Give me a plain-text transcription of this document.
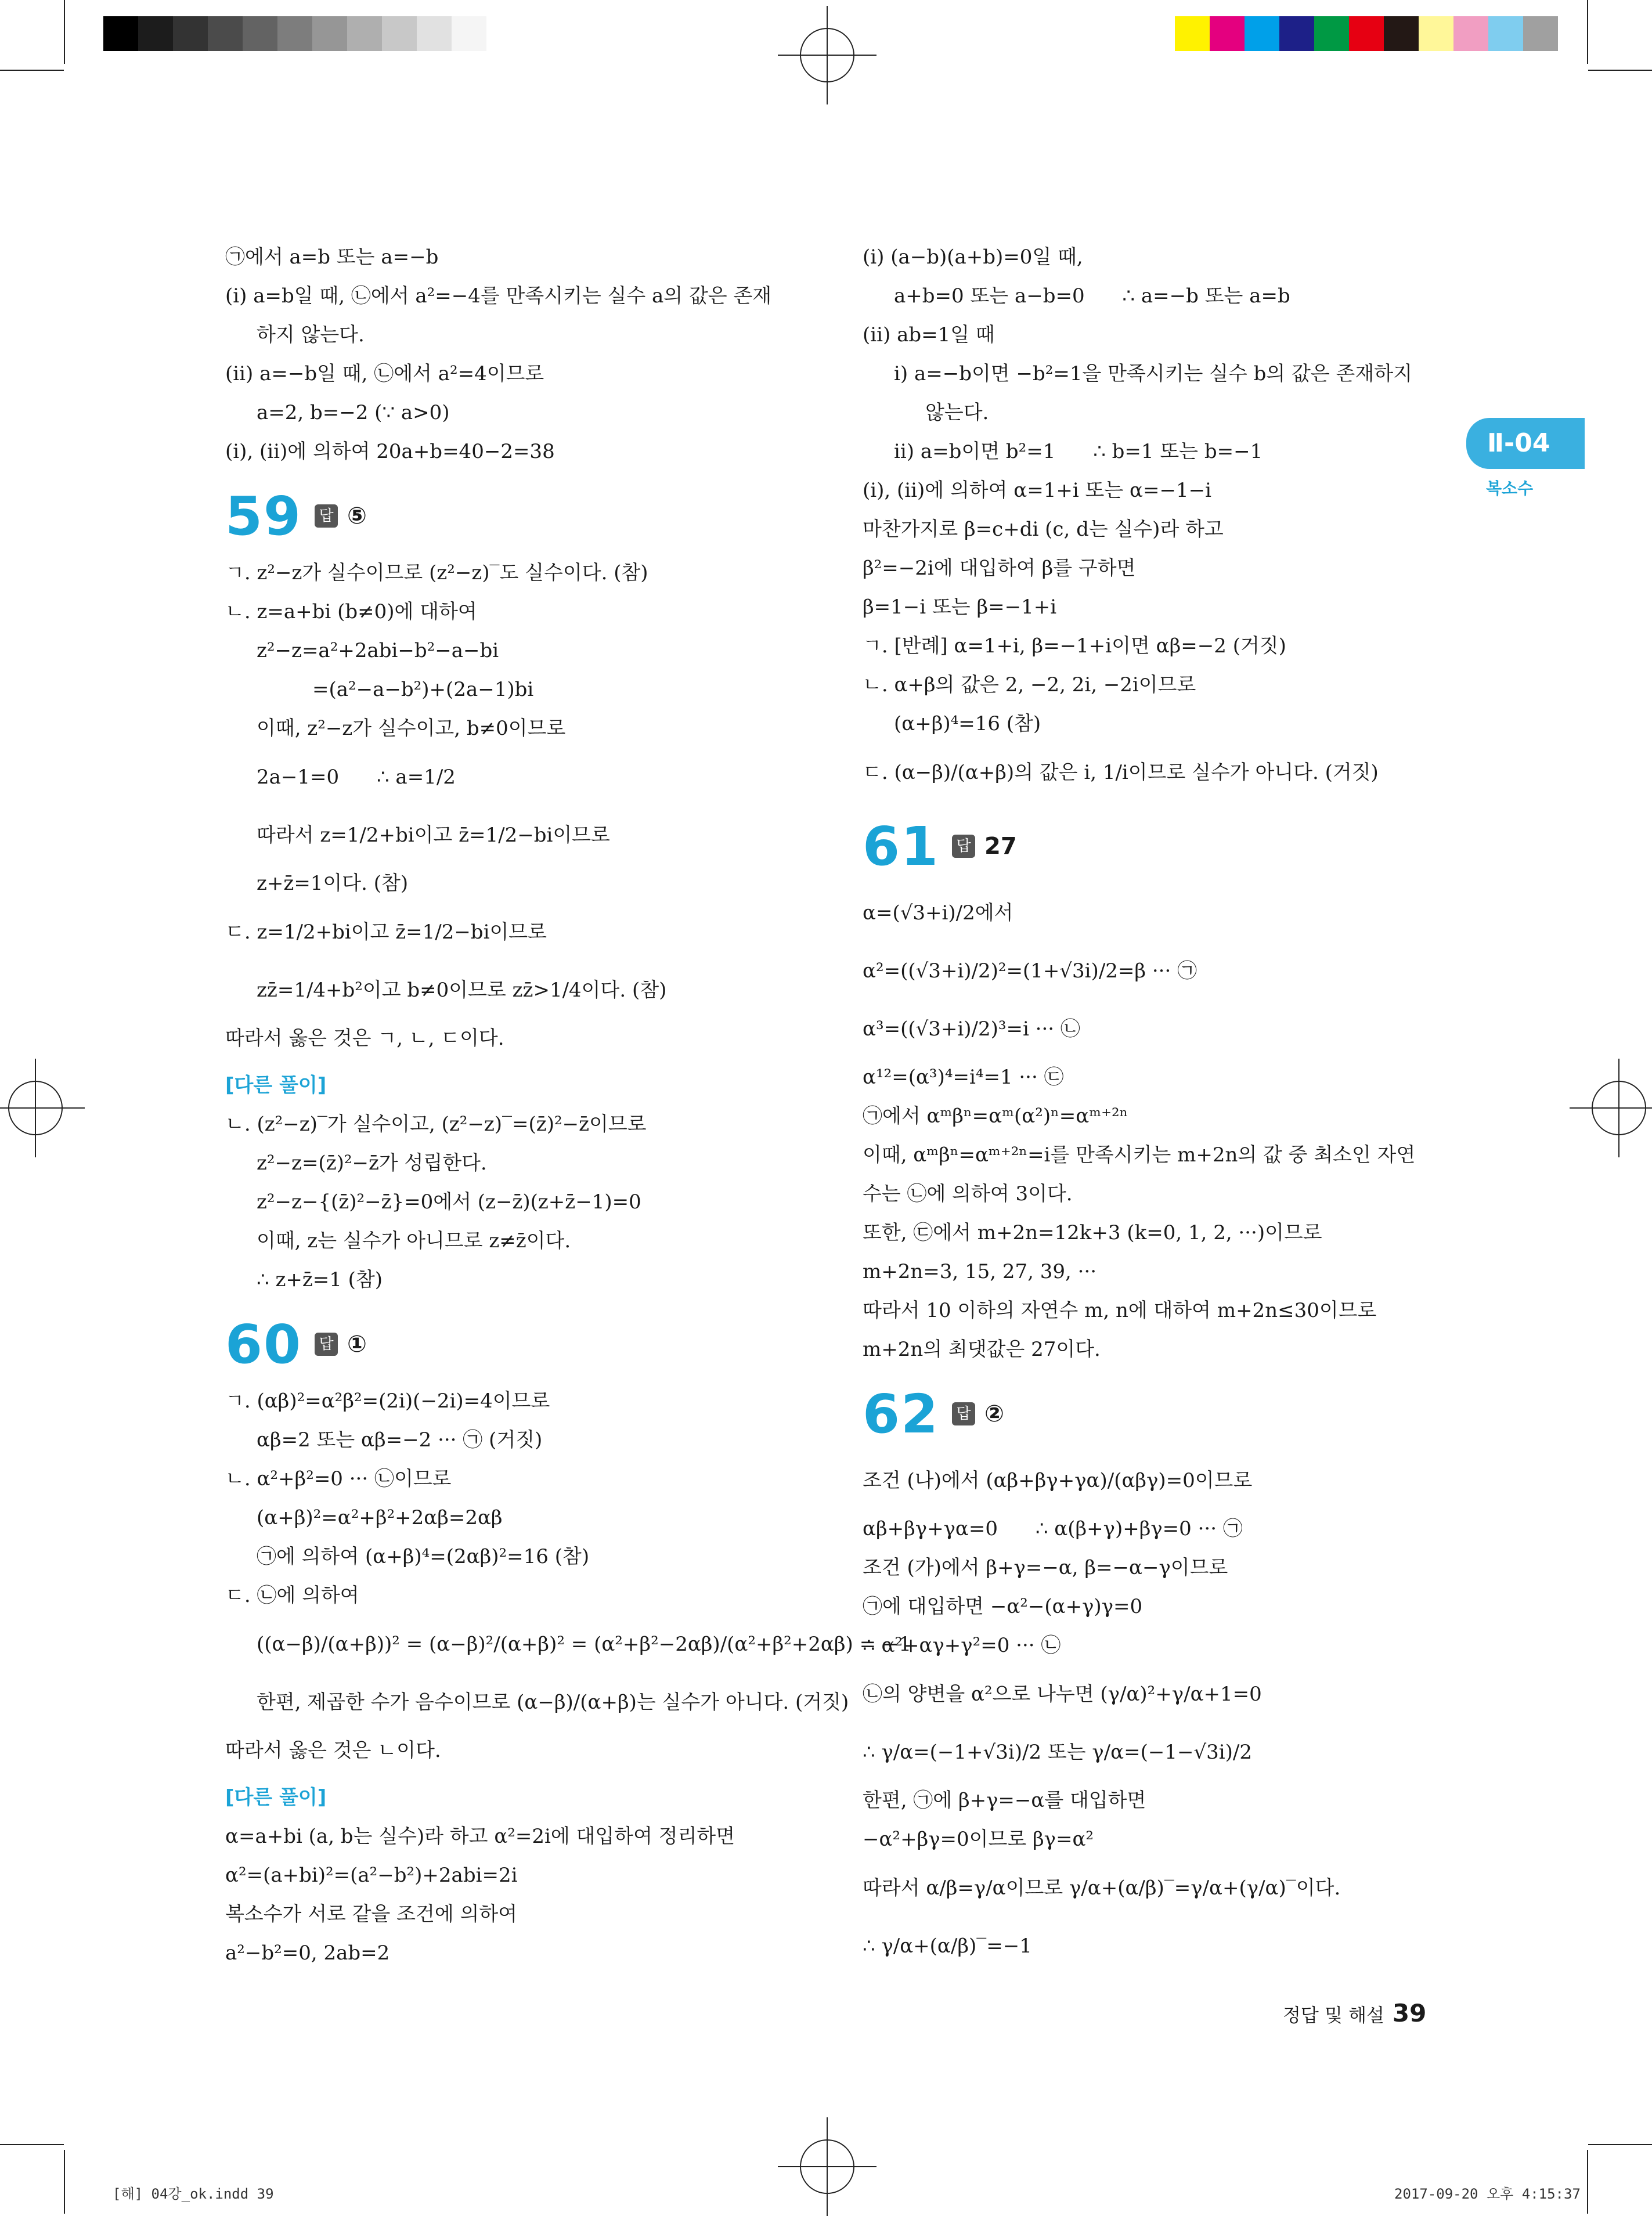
Ⅱ-04
복소수
㉠에서 a=b 또는 a=−b
(ⅰ) a=b일 때, ㉡에서 a²=−4를 만족시키는 실수 a의 값은 존재
하지 않는다.
(ⅱ) a=−b일 때, ㉡에서 a²=4이므로
a=2, b=−2 (∵ a>0)
(ⅰ), (ⅱ)에 의하여 20a+b=40−2=38
59 답 ⑤
ㄱ. z²−z가 실수이므로 (z²−z)‾도 실수이다. (참)
ㄴ. z=a+bi (b≠0)에 대하여
z²−z=a²+2abi−b²−a−bi
=(a²−a−b²)+(2a−1)bi
이때, z²−z가 실수이고, b≠0이므로
2a−1=0      ∴ a=1/2
따라서 z=1/2+bi이고 z̄=1/2−bi이므로
z+z̄=1이다. (참)
ㄷ. z=1/2+bi이고 z̄=1/2−bi이므로
zz̄=1/4+b²이고 b≠0이므로 zz̄>1/4이다. (참)
따라서 옳은 것은 ㄱ, ㄴ, ㄷ이다.
[다른 풀이]
ㄴ. (z²−z)‾가 실수이고, (z²−z)‾=(z̄)²−z̄이므로
z²−z=(z̄)²−z̄가 성립한다.
z²−z−{(z̄)²−z̄}=0에서 (z−z̄)(z+z̄−1)=0
이때, z는 실수가 아니므로 z≠z̄이다.
∴ z+z̄=1 (참)
60 답 ①
ㄱ. (αβ)²=α²β²=(2i)(−2i)=4이므로
αβ=2 또는 αβ=−2 ··· ㉠ (거짓)
ㄴ. α²+β²=0 ··· ㉡이므로
(α+β)²=α²+β²+2αβ=2αβ
㉠에 의하여 (α+β)⁴=(2αβ)²=16 (참)
ㄷ. ㉡에 의하여
((α−β)/(α+β))² = (α−β)²/(α+β)² = (α²+β²−2αβ)/(α²+β²+2αβ) = −1
한편, 제곱한 수가 음수이므로 (α−β)/(α+β)는 실수가 아니다. (거짓)
따라서 옳은 것은 ㄴ이다.
[다른 풀이]
α=a+bi (a, b는 실수)라 하고 α²=2i에 대입하여 정리하면
α²=(a+bi)²=(a²−b²)+2abi=2i
복소수가 서로 같을 조건에 의하여
a²−b²=0, 2ab=2
(ⅰ) (a−b)(a+b)=0일 때,
a+b=0 또는 a−b=0      ∴ a=−b 또는 a=b
(ⅱ) ab=1일 때
ⅰ) a=−b이면 −b²=1을 만족시키는 실수 b의 값은 존재하지
않는다.
ⅱ) a=b이면 b²=1      ∴ b=1 또는 b=−1
(ⅰ), (ⅱ)에 의하여 α=1+i 또는 α=−1−i
마찬가지로 β=c+di (c, d는 실수)라 하고
β²=−2i에 대입하여 β를 구하면
β=1−i 또는 β=−1+i
ㄱ. [반례] α=1+i, β=−1+i이면 αβ=−2 (거짓)
ㄴ. α+β의 값은 2, −2, 2i, −2i이므로
(α+β)⁴=16 (참)
ㄷ. (α−β)/(α+β)의 값은 i, 1/i이므로 실수가 아니다. (거짓)
61 답 27
α=(√3+i)/2에서
α²=((√3+i)/2)²=(1+√3i)/2=β ··· ㉠
α³=((√3+i)/2)³=i ··· ㉡
α¹²=(α³)⁴=i⁴=1 ··· ㉢
㉠에서 αᵐβⁿ=αᵐ(α²)ⁿ=αᵐ⁺²ⁿ
이때, αᵐβⁿ=αᵐ⁺²ⁿ=i를 만족시키는 m+2n의 값 중 최소인 자연
수는 ㉡에 의하여 3이다.
또한, ㉢에서 m+2n=12k+3 (k=0, 1, 2, ···)이므로
m+2n=3, 15, 27, 39, ···
따라서 10 이하의 자연수 m, n에 대하여 m+2n≤30이므로
m+2n의 최댓값은 27이다.
62 답 ②
조건 (나)에서 (αβ+βγ+γα)/(αβγ)=0이므로
αβ+βγ+γα=0      ∴ α(β+γ)+βγ=0 ··· ㉠
조건 (가)에서 β+γ=−α, β=−α−γ이므로
㉠에 대입하면 −α²−(α+γ)γ=0
∴ α²+αγ+γ²=0 ··· ㉡
㉡의 양변을 α²으로 나누면 (γ/α)²+γ/α+1=0
∴ γ/α=(−1+√3i)/2 또는 γ/α=(−1−√3i)/2
한편, ㉠에 β+γ=−α를 대입하면
−α²+βγ=0이므로 βγ=α²
따라서 α/β=γ/α이므로 γ/α+(α/β)‾=γ/α+(γ/α)‾이다.
∴ γ/α+(α/β)‾=−1
정답 및 해설 39
[해] 04강_ok.indd 39	2017-09-20 오후 4:15:37
